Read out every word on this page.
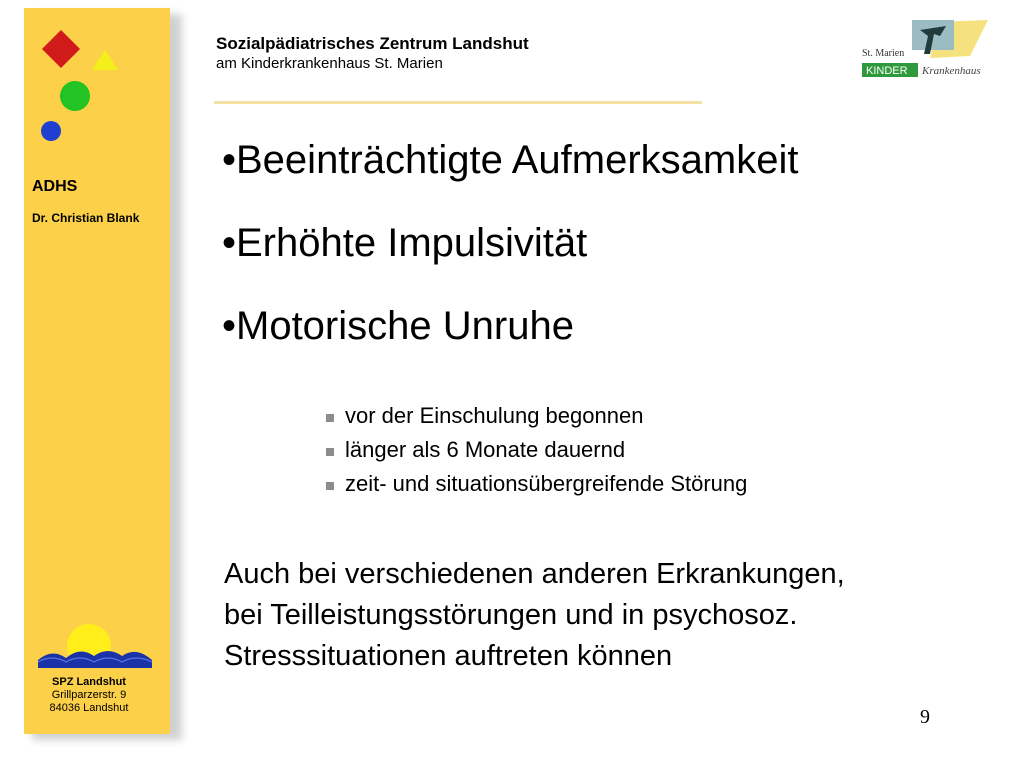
ADHS
Dr. Christian Blank
SPZ Landshut
Grillparzerstr. 9
84036 Landshut
Sozialpädiatrisches Zentrum Landshut
am Kinderkrankenhaus St. Marien
St. Marien
KINDER Krankenhaus
•Beeinträchtigte Aufmerksamkeit
•Erhöhte Impulsivität
•Motorische Unruhe
vor der Einschulung begonnen
länger als 6 Monate dauernd
zeit- und situationsübergreifende Störung
Auch bei verschiedenen anderen Erkrankungen,
bei Teilleistungsstörungen und in psychosoz.
Stresssituationen auftreten können
9
